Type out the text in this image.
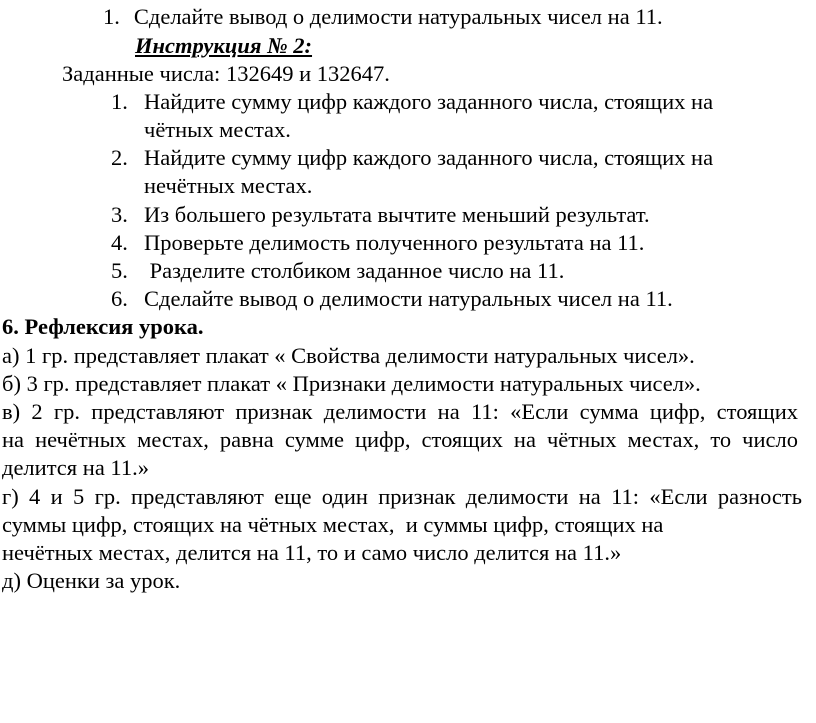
1. Сделайте вывод о делимости натуральных чисел на 11.
Инструкция № 2:
Заданные числа: 132649 и 132647.
1. Найдите сумму цифр каждого заданного числа, стоящих на
чётных местах.
2. Найдите сумму цифр каждого заданного числа, стоящих на
нечётных местах.
3. Из большего результата вычтите меньший результат.
4. Проверьте делимость полученного результата на 11.
5. Разделите столбиком заданное число на 11.
6. Сделайте вывод о делимости натуральных чисел на 11.
6. Рефлексия урока.
а) 1 гр. представляет плакат « Свойства делимости натуральных чисел».
б) 3 гр. представляет плакат « Признаки делимости натуральных чисел».
в) 2 гр. представляют признак делимости на 11: «Если сумма цифр, стоящих
на нечётных местах, равна сумме цифр, стоящих на чётных местах, то число
делится на 11.»
г) 4 и 5 гр. представляют еще один признак делимости на 11: «Если разность
суммы цифр, стоящих на чётных местах,  и суммы цифр, стоящих на
нечётных местах, делится на 11, то и само число делится на 11.»
д) Оценки за урок.
